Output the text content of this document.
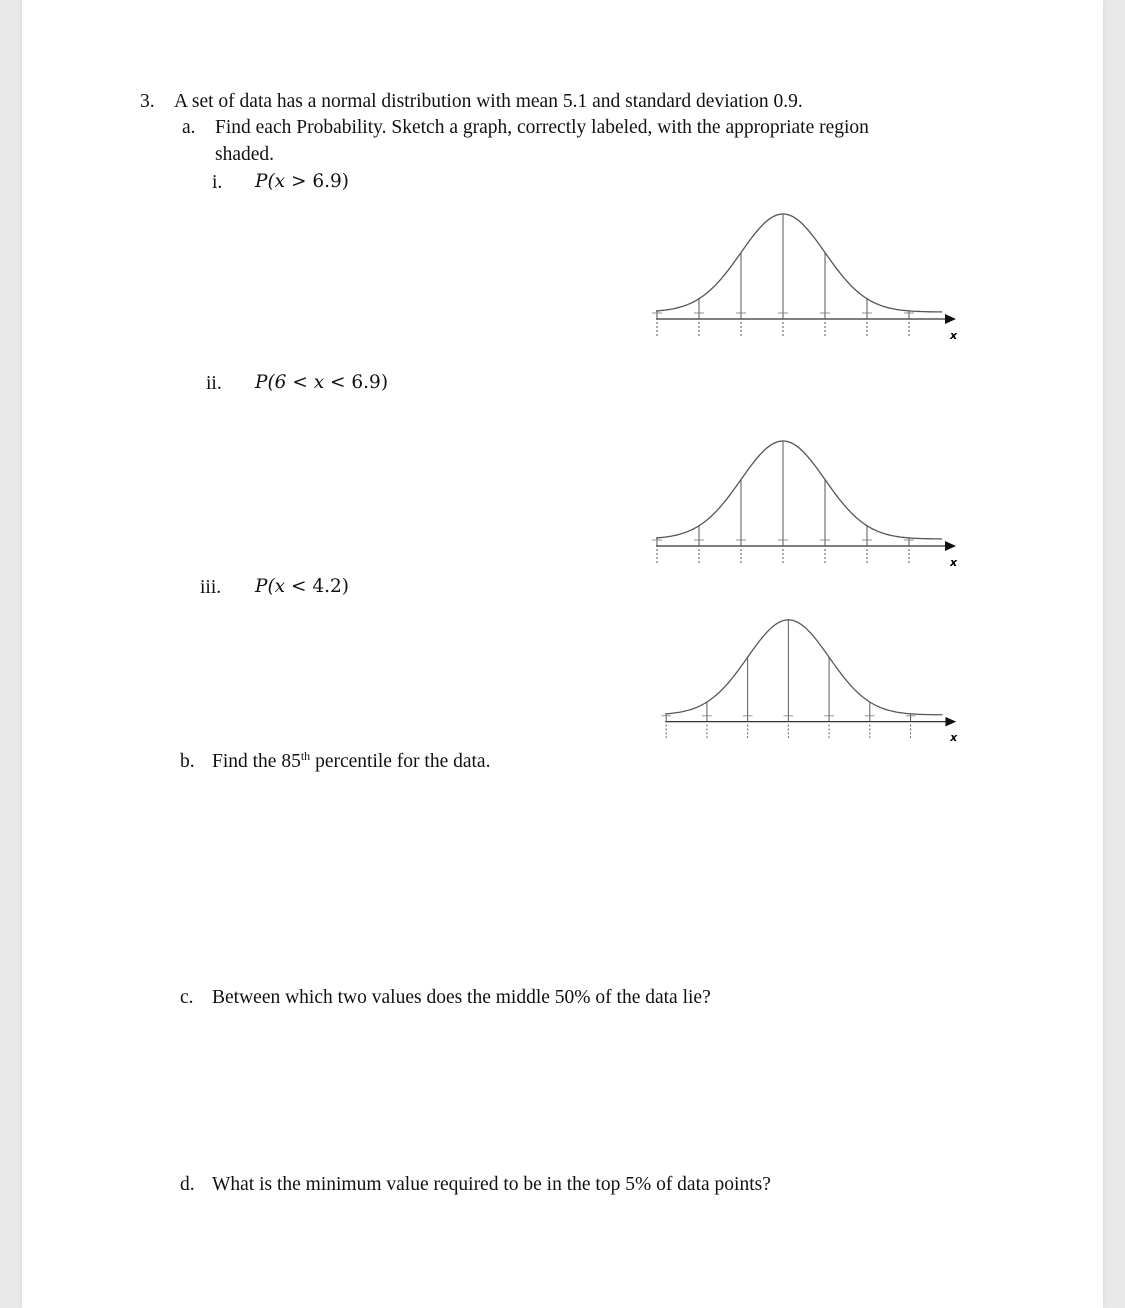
3. A set of data has a normal distribution with mean 5.1 and standard deviation 0.9.
a. Find each Probability. Sketch a graph, correctly labeled, with the appropriate region
shaded.
i. P(x > 6.9)
ii. P(6 < x < 6.9)
iii. P(x < 4.2)
x
x
x
b. Find the 85th percentile for the data.
c. Between which two values does the middle 50% of the data lie?
d. What is the minimum value required to be in the top 5% of data points?
